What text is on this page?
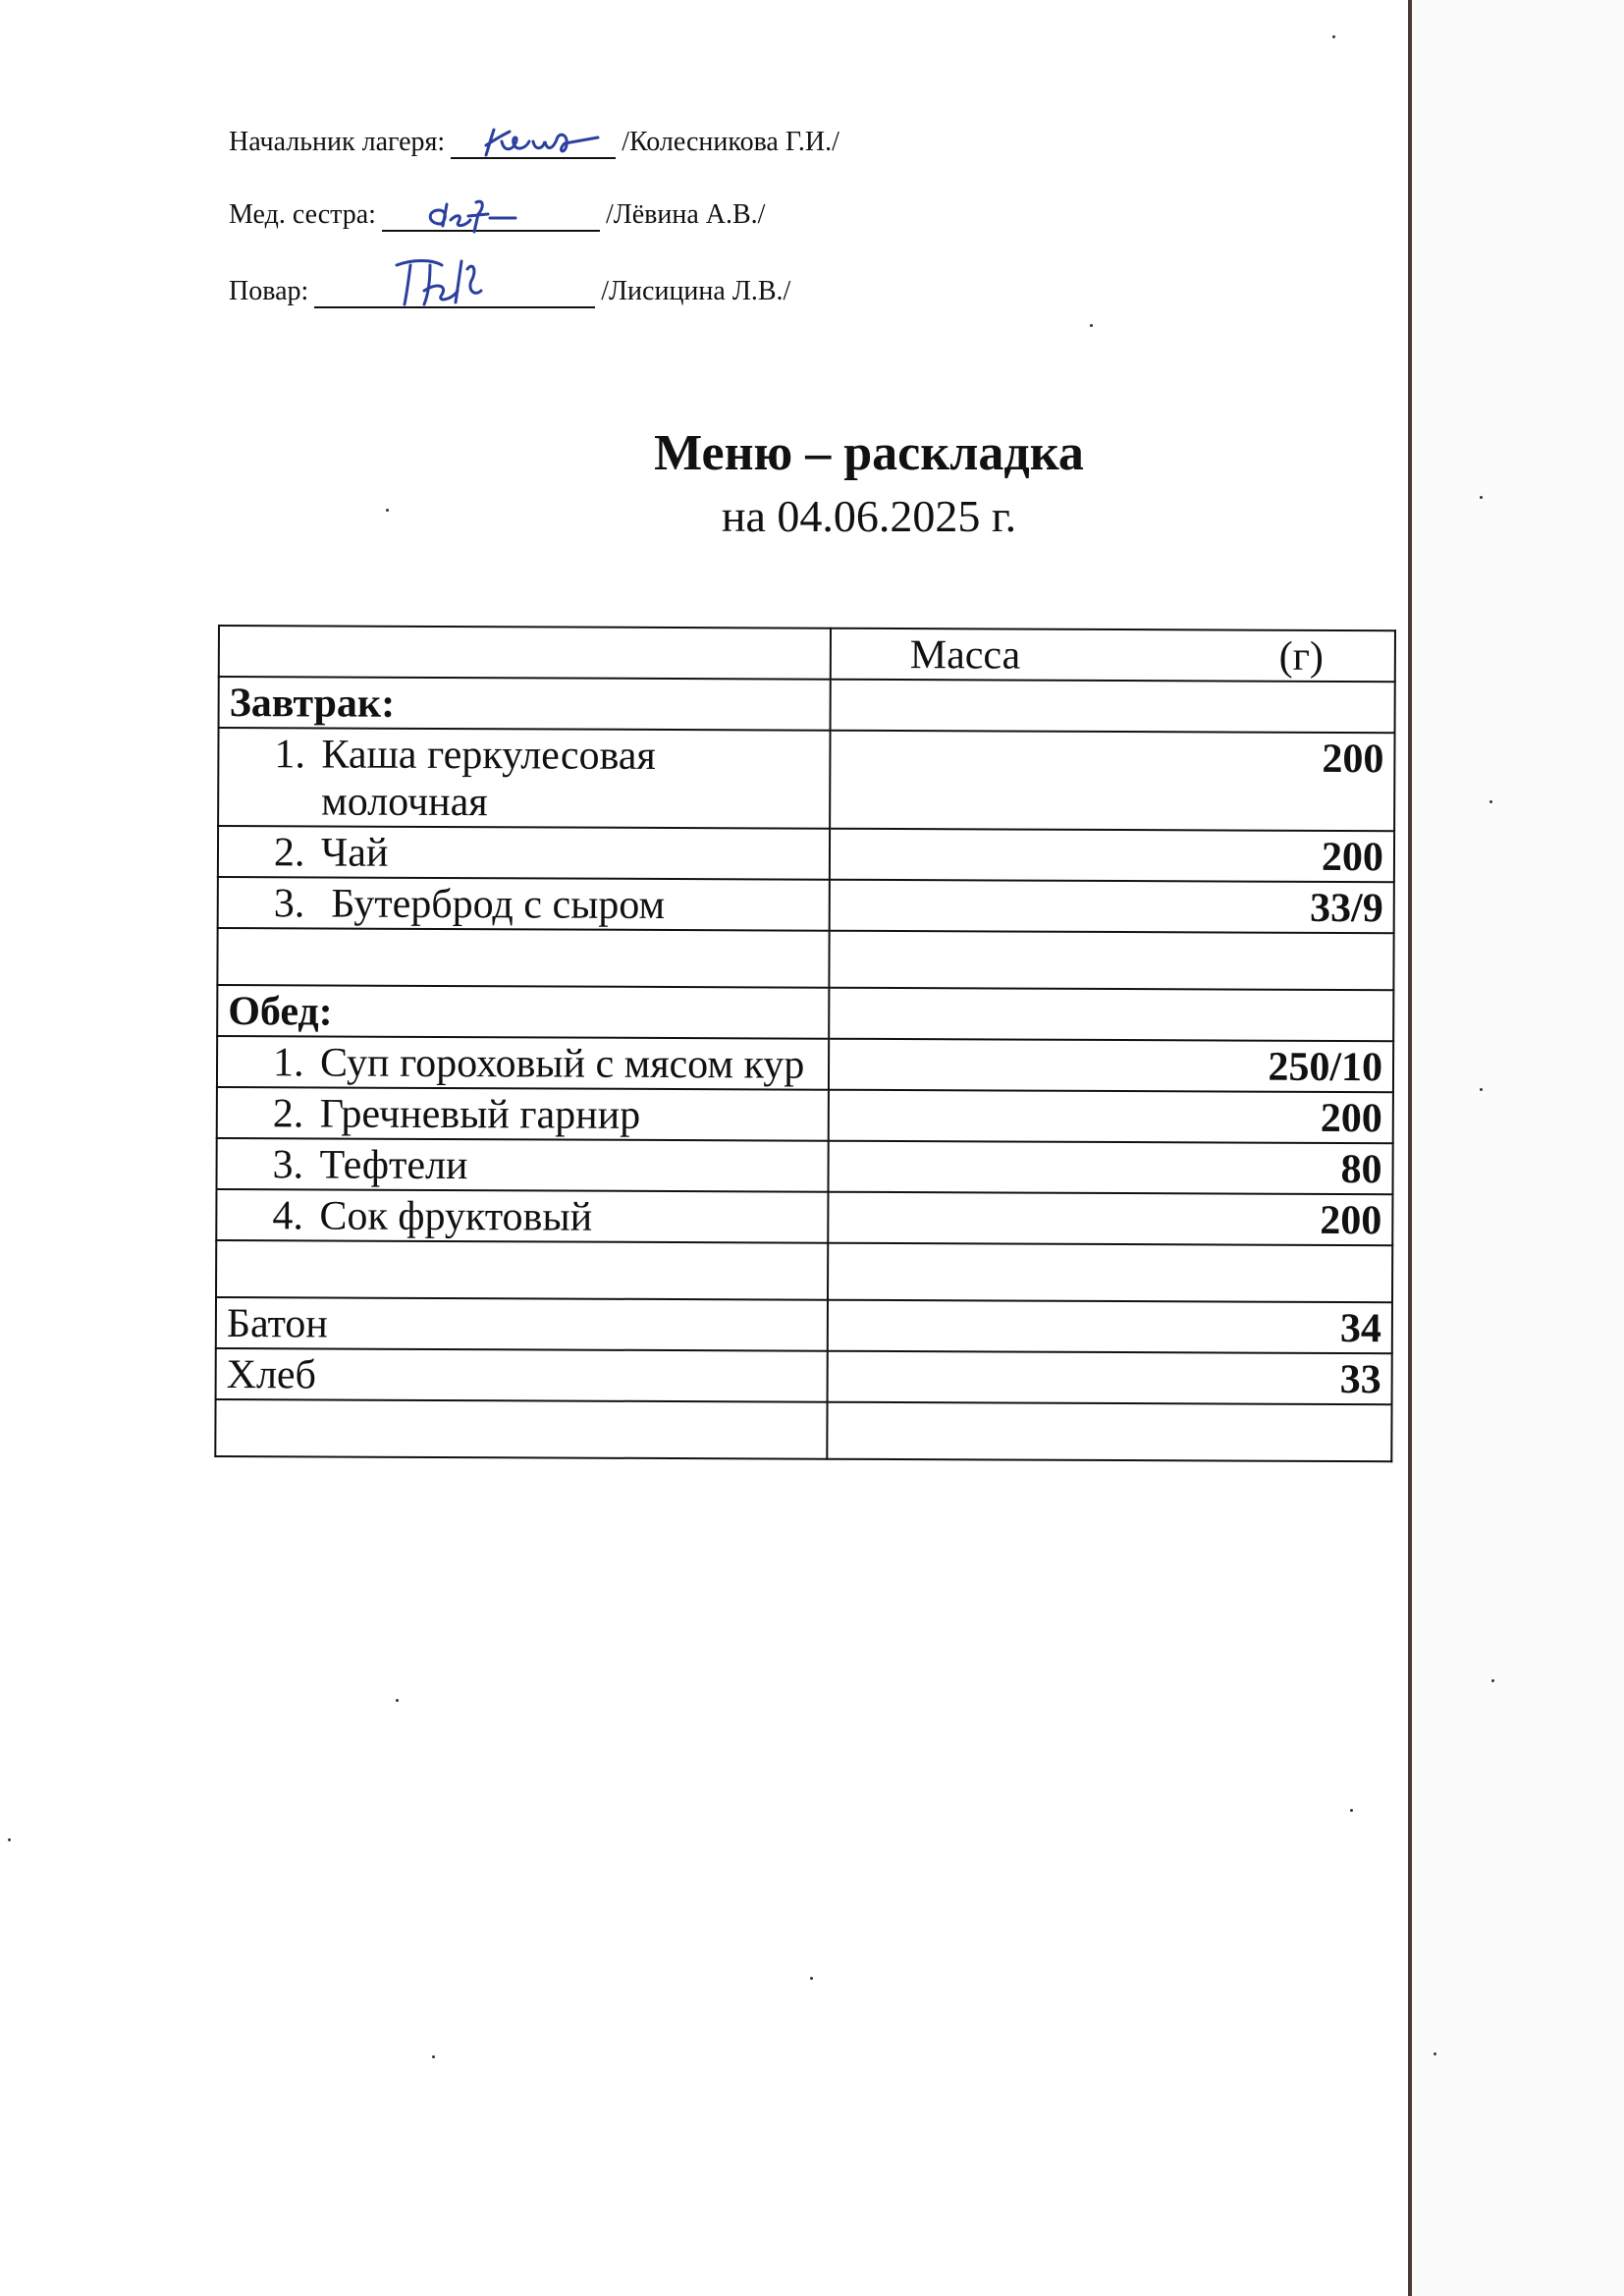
Начальник лагеря:	/Колесникова Г.И./
Мед. сестра:	/Лёвина А.В./
Повар:	/Лисицина Л.В./
Меню – раскладка
на 04.06.2025 г.

	Масса (г)

Завтрак:	

1. Каша геркулесовая молочная	200

2. Чай	200

3. Бутерброд с сыром	33/9

Обед:	

1. Суп гороховый с мясом кур	250/10

2. Гречневый гарнир	200

3. Тефтели	80

4. Сок фруктовый	200

Батон	34
Хлеб	33
